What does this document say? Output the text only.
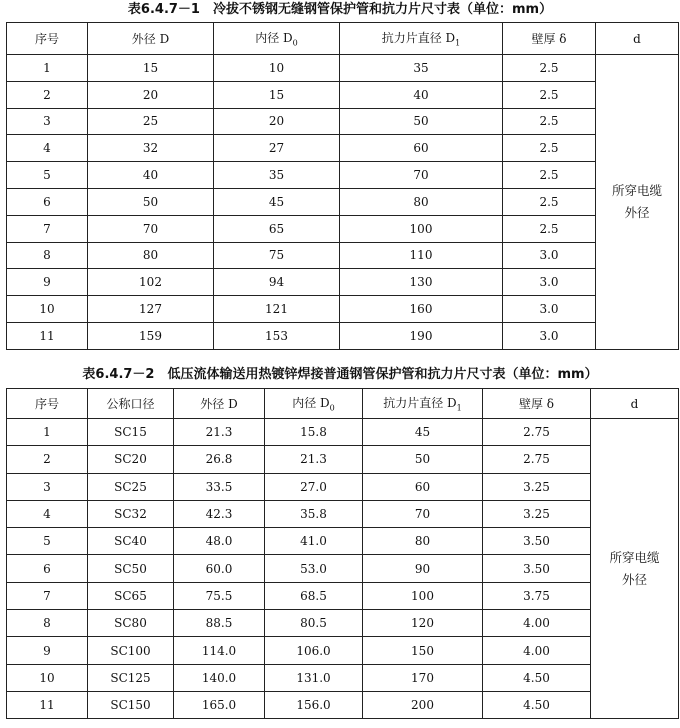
表6.4.7－1　冷拔不锈钢无缝钢管保护管和抗力片尺寸表（单位：mm）
序号	外径 D	内径 $D_0$	抗力片直径 $D_1$	壁厚 δ	d
1	15	10	35	2.5	所穿电缆
外径
2	20	15	40	2.5	
3	25	20	50	2.5	
4	32	27	60	2.5	
5	40	35	70	2.5	
6	50	45	80	2.5	
7	70	65	100	2.5	
8	80	75	110	3.0	
9	102	94	130	3.0	
10	127	121	160	3.0	
11	159	153	190	3.0	
表6.4.7－2　低压流体输送用热镀锌焊接普通钢管保护管和抗力片尺寸表（单位：mm）
序号	公称口径	外径 D	内径 $D_0$	抗力片直径 $D_1$	壁厚 δ	d
1	SC15	21.3	15.8	45	2.75	所穿电缆
外径
2	SC20	26.8	21.3	50	2.75	
3	SC25	33.5	27.0	60	3.25	
4	SC32	42.3	35.8	70	3.25	
5	SC40	48.0	41.0	80	3.50	
6	SC50	60.0	53.0	90	3.50	
7	SC65	75.5	68.5	100	3.75	
8	SC80	88.5	80.5	120	4.00	
9	SC100	114.0	106.0	150	4.00	
10	SC125	140.0	131.0	170	4.50	
11	SC150	165.0	156.0	200	4.50	
